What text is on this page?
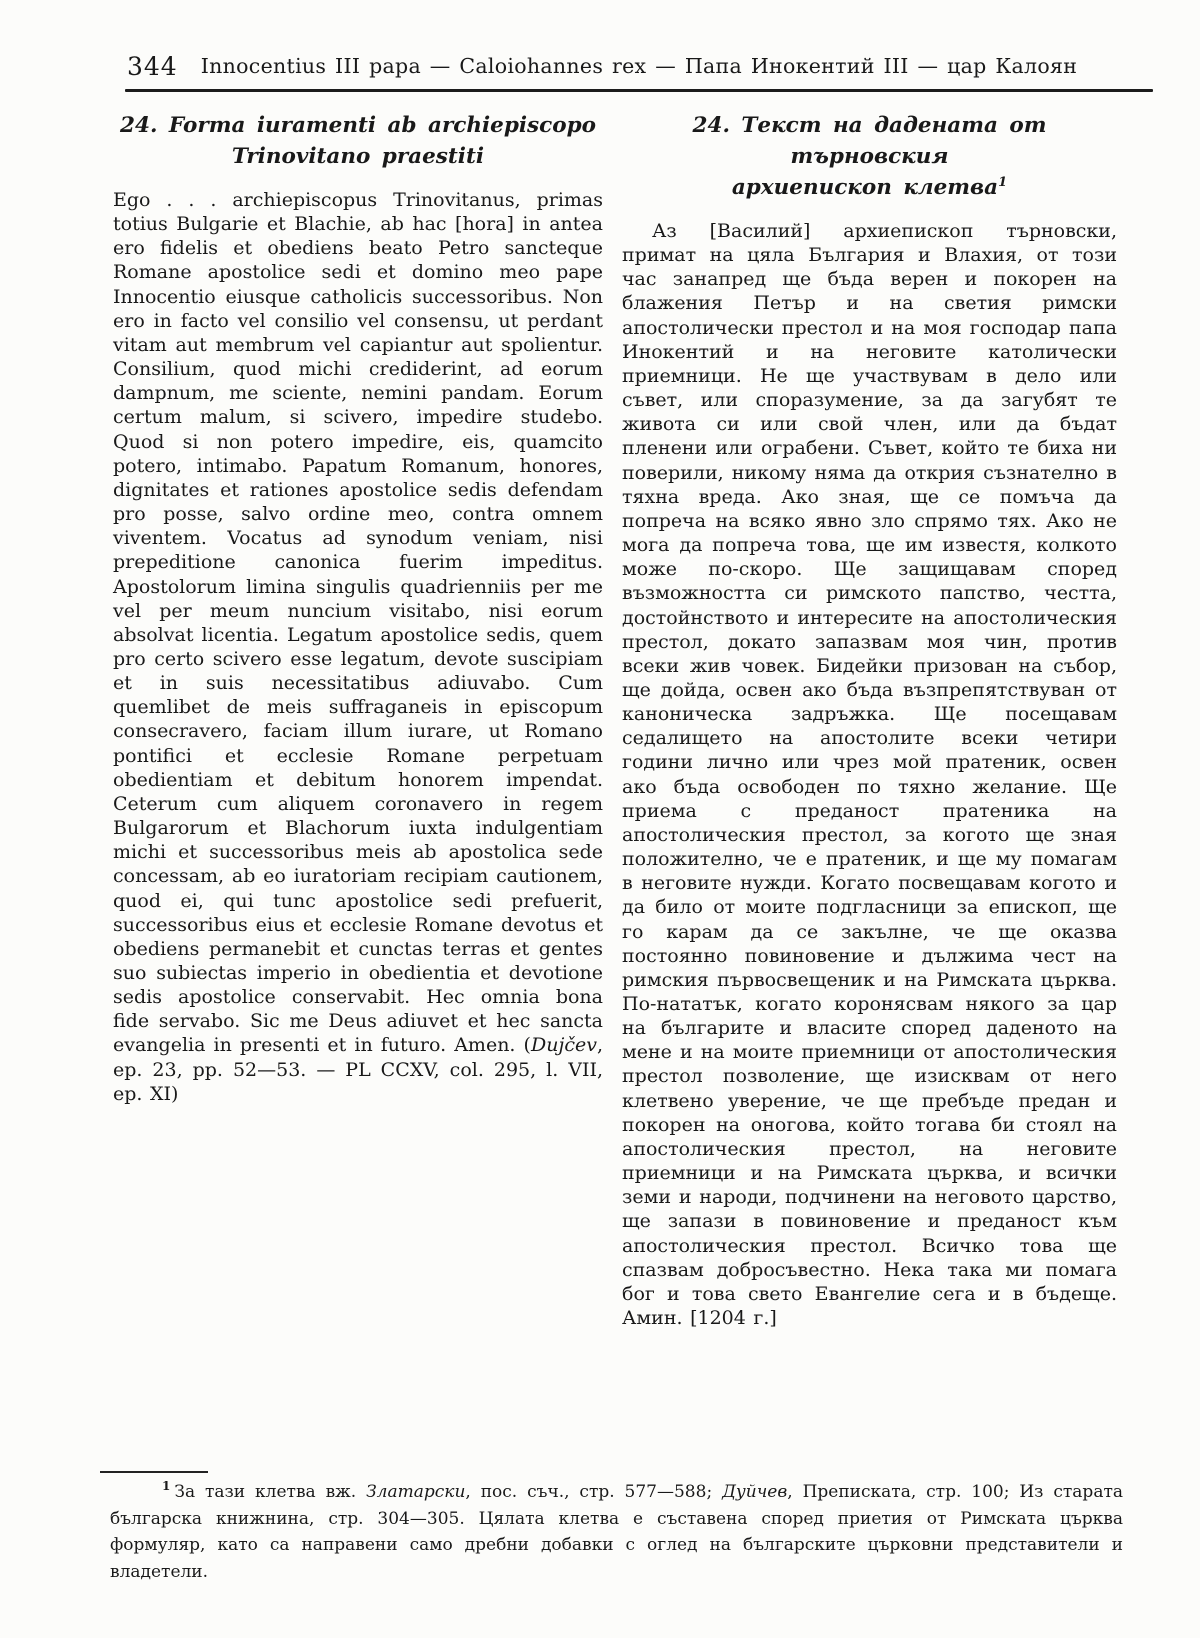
344	Innocentius III papa — Caloiohannes rex — Папа Инокентий III — цар Калоян
24. Forma iuramenti ab archiepiscopo
Trinovitano praestiti

Ego . . . archiepiscopus Trinovitanus, primas totius Bulgarie et Blachie, ab hac [hora] in antea ero fidelis et obediens beato Petro sancteque Romane apostolice sedi et domino meo pape Innocentio eiusque catholicis successoribus. Non ero in facto vel consilio vel consensu, ut perdant vitam aut membrum vel capiantur aut spolientur. Consilium, quod michi crediderint, ad eorum dampnum, me sciente, nemini pandam. Eorum certum malum, si scivero, impedire studebo. Quod si non potero impedire, eis, quamcito potero, intimabo. Papatum Romanum, honores, dignitates et rationes apostolice sedis defendam pro posse, salvo ordine meo, contra omnem viventem. Vocatus ad synodum veniam, nisi prepeditione canonica fuerim impeditus. Apostolorum limina singulis quadrienniis per me vel per meum nuncium visitabo, nisi eorum absolvat licentia. Legatum apostolice sedis, quem pro certo scivero esse legatum, devote suscipiam et in suis necessitatibus adiuvabo. Cum quemlibet de meis suffraganeis in episcopum consecravero, faciam illum iurare, ut Romano pontifici et ecclesie Romane perpetuam obedientiam et debitum honorem impendat. Ceterum cum aliquem coronavero in regem Bulgarorum et Blachorum iuxta indulgentiam michi et successoribus meis ab apostolica sede concessam, ab eo iuratoriam recipiam cautionem, quod ei, qui tunc apostolice sedi prefuerit, successoribus eius et ecclesie Romane devotus et obediens permanebit et cunctas terras et gentes suo subiectas imperio in obedientia et devotione sedis apostolice conservabit. Hec omnia bona fide servabo. Sic me Deus adiuvet et hec sancta evangelia in presenti et in futuro. Amen. (Dujčev, ep. 23, pp. 52—53. — PL CCXV, col. 295, l. VII, ep. XI)

24. Текст на дадената от търновския
архиепископ клетва$^1$

Аз [Василий] архиепископ търновски, примат на цяла България и Влахия, от този час занапред ще бъда верен и покорен на блажения Петър и на светия римски апостолически престол и на моя господар папа Инокентий и на неговите католически приемници. Не ще участвувам в дело или съвет, или споразумение, за да загубят те живота си или свой член, или да бъдат пленени или ограбени. Съвет, който те биха ни поверили, никому няма да открия съзнателно в тяхна вреда. Ако зная, ще се помъча да попреча на всяко явно зло спрямо тях. Ако не мога да попреча това, ще им известя, колкото може по-скоро. Ще защищавам според възможността си римското папство, честта, достойнството и интересите на апостолическия престол, докато запазвам моя чин, против всеки жив човек. Бидейки призован на събор, ще дойда, освен ако бъда възпрепятствуван от каноническа задръжка. Ще посещавам седалището на апостолите всеки четири години лично или чрез мой пратеник, освен ако бъда освободен по тяхно желание. Ще приема с преданост пратеника на апостолическия престол, за когото ще зная положително, че е пратеник, и ще му помагам в неговите нужди. Когато посвещавам когото и да било от моите подгласници за епископ, ще го карам да се закълне, че ще оказва постоянно повиновение и дължима чест на римския първосвещеник и на Римската църква. По-нататък, когато коронясвам някого за цар на българите и власите според даденото на мене и на моите приемници от апостолическия престол позволение, ще изисквам от него клетвено уверение, че ще пребъде предан и покорен на оногова, който тогава би стоял на апостолическия престол, на неговите приемници и на Римската църква, и всички земи и народи, подчинени на неговото царство, ще запази в повиновение и преданост към апостолическия престол. Всичко това ще спазвам добросъвестно. Нека така ми помага бог и това свето Евангелие сега и в бъдеще. Амин. [1204 г.]

$^1$ За тази клетва вж. Златарски, пос. съч., стр. 577—588; Дуйчев, Преписката, стр. 100; Из старата българска книжнина, стр. 304—305. Цялата клетва е съставена според приетия от Римската църква формуляр, като са направени само дребни добавки с оглед на българските църковни представители и владетели.
